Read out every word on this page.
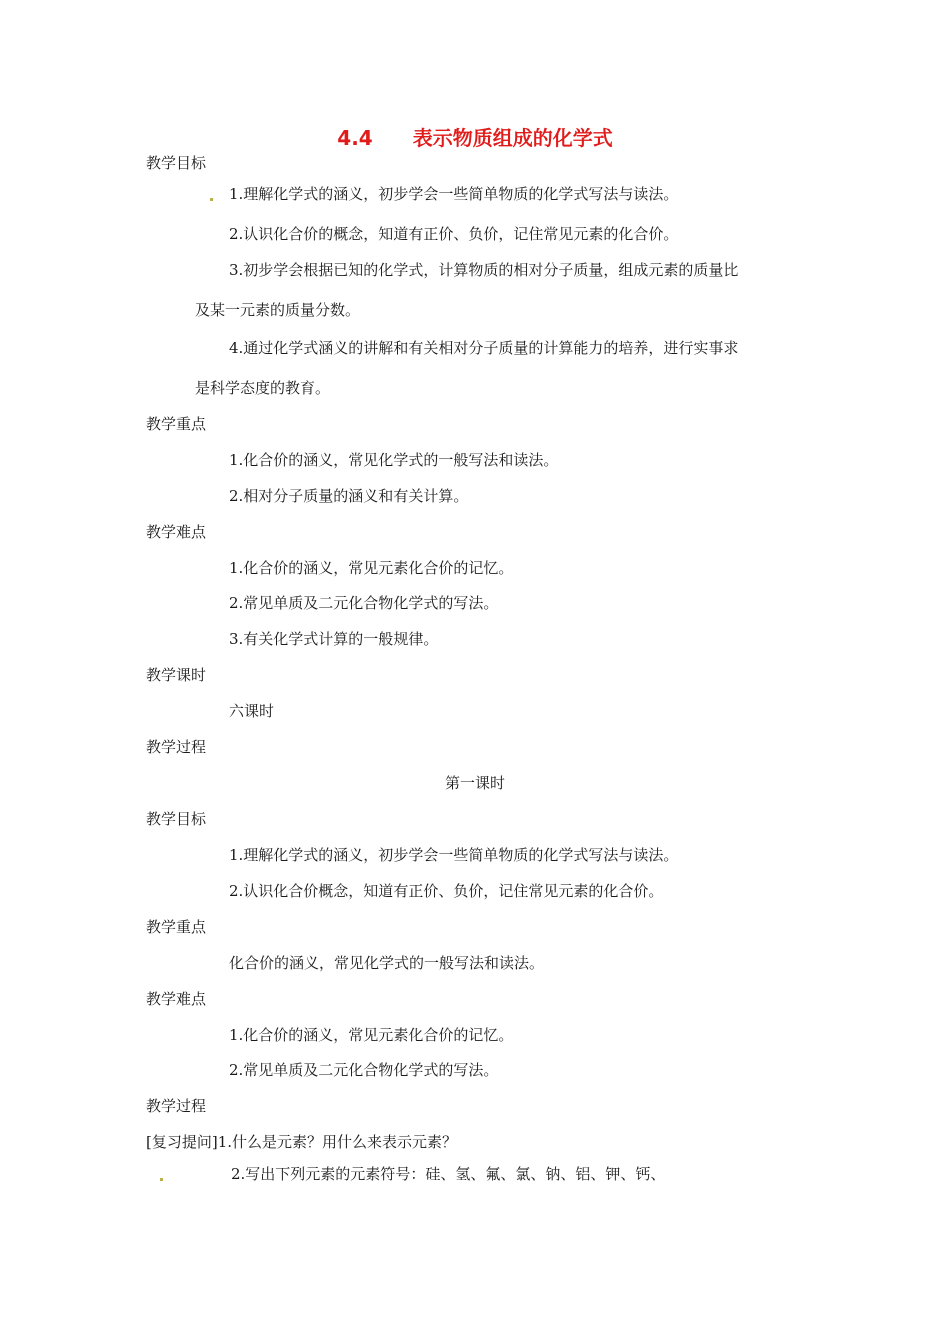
4.4 表示物质组成的化学式
教学目标
1.理解化学式的涵义，初步学会一些简单物质的化学式写法与读法。
2.认识化合价的概念，知道有正价、负价，记住常见元素的化合价。
3.初步学会根据已知的化学式，计算物质的相对分子质量，组成元素的质量比
及某一元素的质量分数。
4.通过化学式涵义的讲解和有关相对分子质量的计算能力的培养，进行实事求
是科学态度的教育。
教学重点
1.化合价的涵义，常见化学式的一般写法和读法。
2.相对分子质量的涵义和有关计算。
教学难点
1.化合价的涵义，常见元素化合价的记忆。
2.常见单质及二元化合物化学式的写法。
3.有关化学式计算的一般规律。
教学课时
六课时
教学过程
第一课时
教学目标
1.理解化学式的涵义，初步学会一些简单物质的化学式写法与读法。
2.认识化合价概念，知道有正价、负价，记住常见元素的化合价。
教学重点
化合价的涵义，常见化学式的一般写法和读法。
教学难点
1.化合价的涵义，常见元素化合价的记忆。
2.常见单质及二元化合物化学式的写法。
教学过程
[复习提问]1.什么是元素？用什么来表示元素？
2.写出下列元素的元素符号：硅、氢、氟、氯、钠、铝、钾、钙、
